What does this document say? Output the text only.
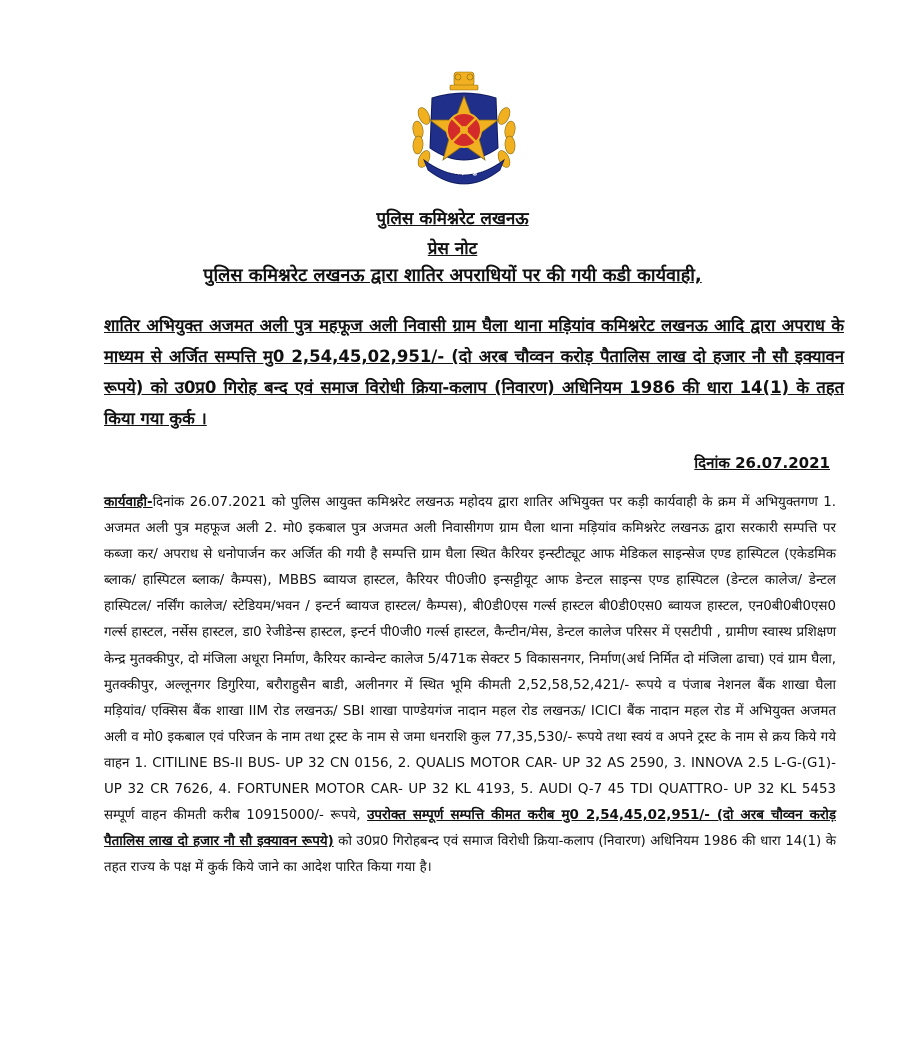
उत्तर प्रदेश पुलिस
पुलिस कमिश्नरेट लखनऊ
प्रेस नोट
पुलिस कमिश्नरेट लखनऊ द्वारा शातिर अपराधियों पर की गयी कडी कार्यवाही,
शातिर अभियुक्त अजमत अली पुत्र महफूज अली निवासी ग्राम घैला थाना मड़ियांव कमिश्नरेट लखनऊ आदि द्वारा अपराध के माध्यम से अर्जित सम्पत्ति मु0 2,54,45,02,951/- (दो अरब चौव्वन करोड़ पैतालिस लाख दो हजार नौ सौ इक्यावन रूपये) को उ0प्र0 गिरोह बन्द एवं समाज विरोधी क्रिया-कलाप (निवारण) अधिनियम 1986 की धारा 14(1) के तहत किया गया कुर्क ।
दिनांक 26.07.2021
कार्यवाही-दिनांक 26.07.2021 को पुलिस आयुक्त कमिश्नरेट लखनऊ महोदय द्वारा शातिर अभियुक्त पर कड़ी कार्यवाही के क्रम में अभियुक्तगण 1. अजमत अली पुत्र महफूज अली 2. मो0 इकबाल पुत्र अजमत अली निवासीगण ग्राम घैला थाना मड़ियांव कमिश्नरेट लखनऊ द्वारा सरकारी सम्पत्ति पर कब्जा कर/ अपराध से धनोपार्जन कर अर्जित की गयी है सम्पत्ति ग्राम घैला स्थित कैरियर इन्स्टीट्यूट आफ मेडिकल साइन्सेज एण्ड हास्पिटल (एकेडमिक ब्लाक/ हास्पिटल ब्लाक/ कैम्पस), MBBS ब्वायज हास्टल, कैरियर पी0जी0 इन्सट्टीयूट आफ डेन्टल साइन्स एण्ड हास्पिटल (डेन्टल कालेज/ डेन्टल हास्पिटल/ नर्सिंग कालेज/ स्टेडियम/भवन / इन्टर्न ब्वायज हास्टल/ कैम्पस), बी0डी0एस गर्ल्स हास्टल बी0डी0एस0 ब्वायज हास्टल, एन0बी0बी0एस0 गर्ल्स हास्टल, नर्सेस हास्टल, डा0 रेजीडेन्स हास्टल, इन्टर्न पी0जी0 गर्ल्स हास्टल, कैन्टीन/मेस, डेन्टल कालेज परिसर में एसटीपी , ग्रामीण स्वास्थ प्रशिक्षण केन्द्र मुतक्कीपुर, दो मंजिला अधूरा निर्माण, कैरियर कान्वेन्ट कालेज 5/471क सेक्टर 5 विकासनगर, निर्माण(अर्ध निर्मित दो मंजिला ढाचा) एवं ग्राम घैला, मुतक्कीपुर, अल्लूनगर डिगुरिया, बरौराहुसैन बाडी, अलीनगर में स्थित भूमि कीमती 2,52,58,52,421/- रूपये व पंजाब नेशनल बैंक शाखा घैला मड़ियांव/ एक्सिस बैंक शाखा IIM रोड लखनऊ/ SBI शाखा पाण्डेयगंज नादान महल रोड लखनऊ/ ICICI बैंक नादान महल रोड में अभियुक्त अजमत अली व मो0 इकबाल एवं परिजन के नाम तथा ट्रस्ट के नाम से जमा धनराशि कुल 77,35,530/- रूपये तथा स्वयं व अपने ट्रस्ट के नाम से क्रय किये गये वाहन 1. CITILINE BS-II BUS- UP 32 CN 0156, 2. QUALIS MOTOR CAR- UP 32 AS 2590, 3. INNOVA 2.5 L-G-(G1)- UP 32 CR 7626, 4. FORTUNER MOTOR CAR- UP 32 KL 4193, 5. AUDI Q-7 45 TDI QUATTRO- UP 32 KL 5453 सम्पूर्ण वाहन कीमती करीब 10915000/- रूपये, उपरोक्त सम्पूर्ण सम्पत्ति कीमत करीब मु0 2,54,45,02,951/- (दो अरब चौव्वन करोड़ पैतालिस लाख दो हजार नौ सौ इक्यावन रूपये) को उ0प्र0 गिरोहबन्द एवं समाज विरोधी क्रिया-कलाप (निवारण) अधिनियम 1986 की धारा 14(1) के तहत राज्य के पक्ष में कुर्क किये जाने का आदेश पारित किया गया है।
